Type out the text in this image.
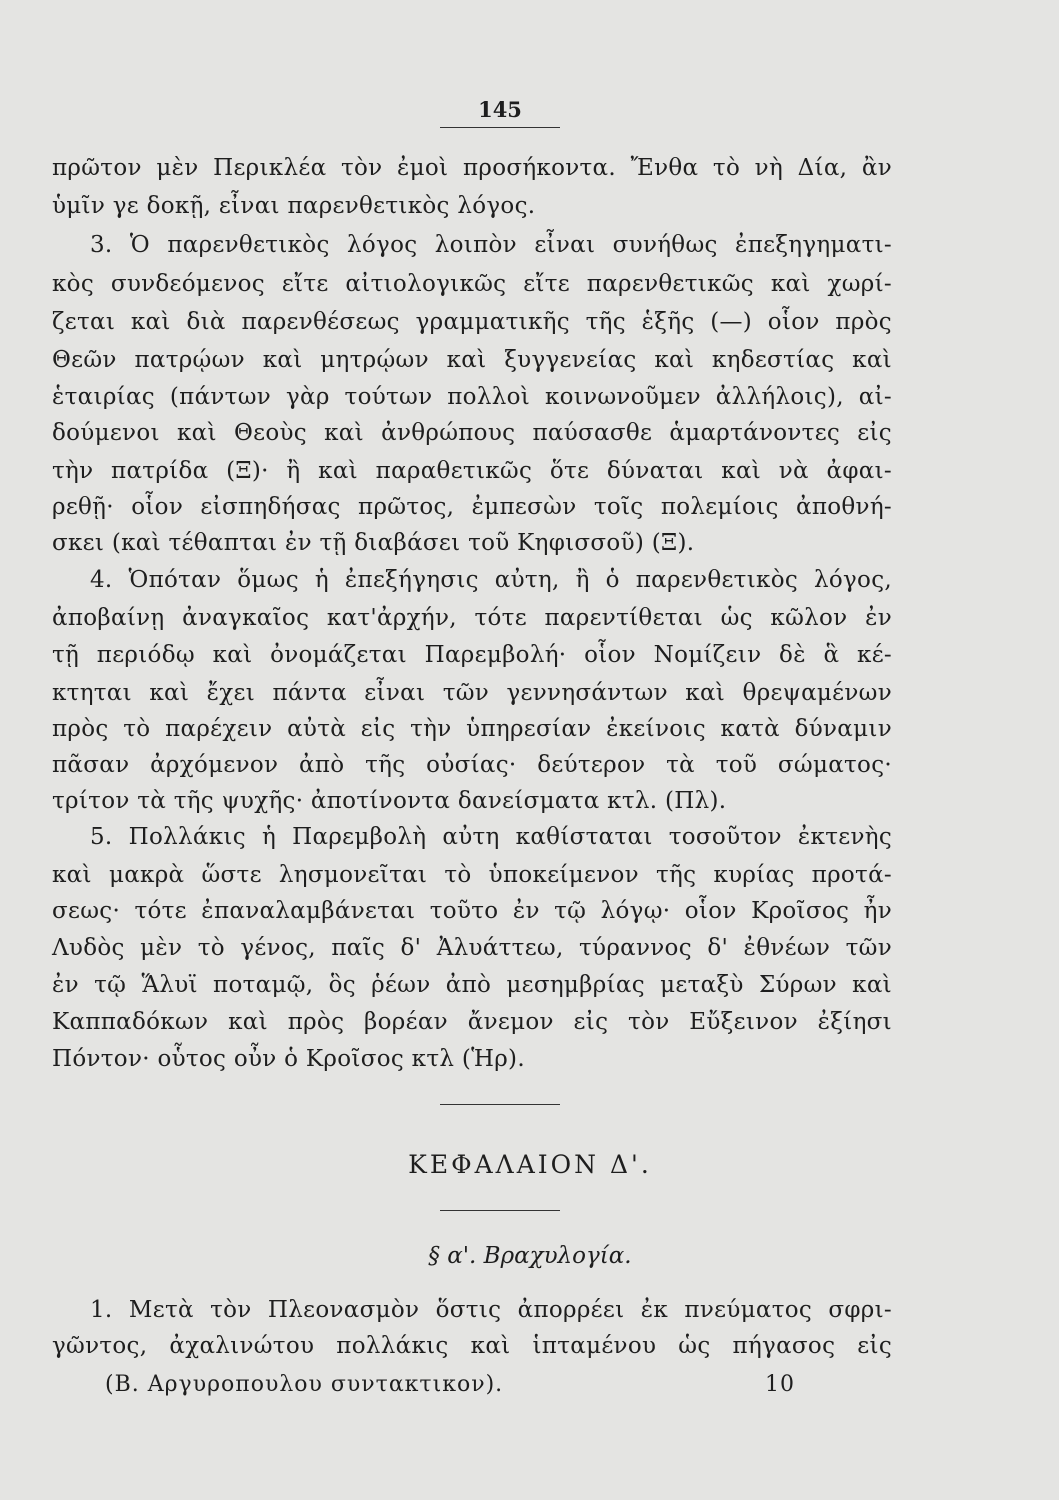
145
πρῶτον μὲν Περικλέα τὸν ἐμοὶ προσήκοντα. Ἔνθα τὸ νὴ Δία, ἂν
ὑμῖν γε δοκῇ, εἶναι παρενθετικὸς λόγος.
3. Ὁ παρενθετικὸς λόγος λοιπὸν εἶναι συνήθως ἐπεξηγηματι-
κὸς συνδεόμενος εἴτε αἰτιολογικῶς εἴτε παρενθετικῶς καὶ χωρί-
ζεται καὶ διὰ παρενθέσεως γραμματικῆς τῆς ἑξῆς (—) οἷον πρὸς
Θεῶν πατρῴων καὶ μητρῴων καὶ ξυγγενείας καὶ κηδεστίας καὶ
ἑταιρίας (πάντων γὰρ τούτων πολλοὶ κοινωνοῦμεν ἀλλήλοις), αἰ-
δούμενοι καὶ Θεοὺς καὶ ἀνθρώπους παύσασθε ἁμαρτάνοντες εἰς
τὴν πατρίδα (Ξ)· ἢ καὶ παραθετικῶς ὅτε δύναται καὶ νὰ ἀφαι-
ρεθῇ· οἷον εἰσπηδήσας πρῶτος, ἐμπεσὼν τοῖς πολεμίοις ἀποθνή-
σκει (καὶ τέθαπται ἐν τῇ διαβάσει τοῦ Κηφισσοῦ) (Ξ).
4. Ὁπόταν ὅμως ἡ ἐπεξήγησις αὐτη, ἢ ὁ παρενθετικὸς λόγος,
ἀποβαίνῃ ἀναγκαῖος κατ'ἀρχήν, τότε παρεντίθεται ὡς κῶλον ἐν
τῇ περιόδῳ καὶ ὀνομάζεται Παρεμβολή· οἷον Νομίζειν δὲ ἃ κέ-
κτηται καὶ ἔχει πάντα εἶναι τῶν γεννησάντων καὶ θρεψαμένων
πρὸς τὸ παρέχειν αὐτὰ εἰς τὴν ὑπηρεσίαν ἐκείνοις κατὰ δύναμιν
πᾶσαν ἀρχόμενον ἀπὸ τῆς οὐσίας· δεύτερον τὰ τοῦ σώματος·
τρίτον τὰ τῆς ψυχῆς· ἀποτίνοντα δανείσματα κτλ. (Πλ).
5. Πολλάκις ἡ Παρεμβολὴ αὐτη καθίσταται τοσοῦτον ἐκτενὴς
καὶ μακρὰ ὥστε λησμονεῖται τὸ ὑποκείμενον τῆς κυρίας προτά-
σεως· τότε ἐπαναλαμβάνεται τοῦτο ἐν τῷ λόγῳ· οἷον Κροῖσος ἦν
Λυδὸς μὲν τὸ γένος, παῖς δ' Ἀλυάττεω, τύραννος δ' ἐθνέων τῶν
ἐν τῷ Ἅλυϊ ποταμῷ, ὃς ῥέων ἀπὸ μεσημβρίας μεταξὺ Σύρων καὶ
Καππαδόκων καὶ πρὸς βορέαν ἄνεμον εἰς τὸν Εὔξεινον ἐξίησι
Πόντον· οὗτος οὖν ὁ Κροῖσος κτλ (Ἡρ).
ΚΕΦΑΛΑΙΟΝ Δ'.
§ α'. Βραχυλογία.
1. Μετὰ τὸν Πλεονασμὸν ὅστις ἀπορρέει ἐκ πνεύματος σφρι-
γῶντος, ἀχαλινώτου πολλάκις καὶ ἱπταμένου ὡς πήγασος εἰς
(Β. Αργυροπουλου συντακτικον).	10
